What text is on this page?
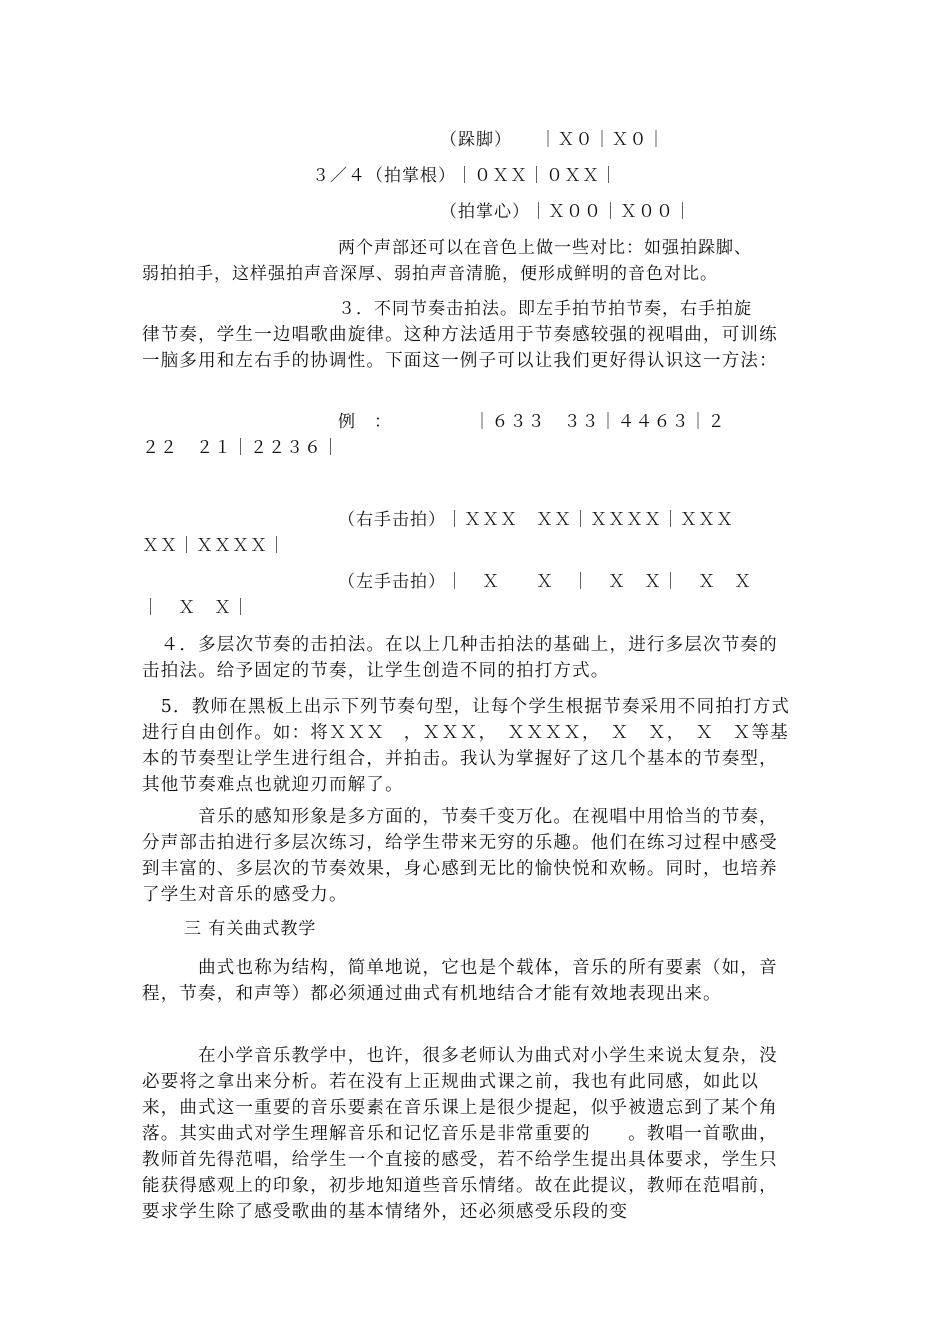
（跺脚）　　｜Ｘ０｜Ｘ０｜
３／４（拍掌根）｜０ＸＸ｜０ＸＸ｜
（拍掌心）｜Ｘ００｜Ｘ００｜
两个声部还可以在音色上做一些对比：如强拍跺脚、
弱拍拍手，这样强拍声音深厚、弱拍声音清脆，便形成鲜明的音色对比。
３．不同节奏击拍法。即左手拍节拍节奏，右手拍旋

律节奏，学生一边唱歌曲旋律。这种方法适用于节奏感较强的视唱曲，可训练一脑多用和左右手的协调性。下面这一例子可以让我们更好得认识这一方法：

例　：　　　　　｜６３３　３３｜４４６３｜２
２２　２１｜２２３６｜
（右手击拍）｜ＸＸＸ　ＸＸ｜ＸＸＸＸ｜ＸＸＸ
ＸＸ｜ＸＸＸＸ｜
（左手击拍）｜　Ｘ　　Ｘ　｜　Ｘ　Ｘ｜　Ｘ　Ｘ
｜　Ｘ　Ｘ｜

　４．多层次节奏的击拍法。在以上几种击拍法的基础上，进行多层次节奏的击拍法。给予固定的节奏，让学生创造不同的拍打方式。

　5．教师在黑板上出示下列节奏句型，让每个学生根据节奏采用不同拍打方式进行自由创作。如：将ＸＸＸ　，ＸＸＸ，　ＸＸＸＸ，　Ｘ　Ｘ，　Ｘ　Ｘ等基本的节奏型让学生进行组合，并拍击。我认为掌握好了这几个基本的节奏型，其他节奏难点也就迎刃而解了。

　　　音乐的感知形象是多方面的，节奏千变万化。在视唱中用恰当的节奏，分声部击拍进行多层次练习，给学生带来无穷的乐趣。他们在练习过程中感受到丰富的、多层次的节奏效果，身心感到无比的愉快悦和欢畅。同时，也培养了学生对音乐的感受力。

三 有关曲式教学

　　　曲式也称为结构，简单地说，它也是个载体，音乐的所有要素（如，音程，节奏，和声等）都必须通过曲式有机地结合才能有效地表现出来。

　　　在小学音乐教学中，也许，很多老师认为曲式对小学生来说太复杂，没必要将之拿出来分析。若在没有上正规曲式课之前，我也有此同感，如此以来，曲式这一重要的音乐要素在音乐课上是很少提起，似乎被遗忘到了某个角落。其实曲式对学生理解音乐和记忆音乐是非常重要的　　。教唱一首歌曲，教师首先得范唱，给学生一个直接的感受，若不给学生提出具体要求，学生只能获得感观上的印象，初步地知道些音乐情绪。故在此提议，教师在范唱前，要求学生除了感受歌曲的基本情绪外，还必须感受乐段的变
